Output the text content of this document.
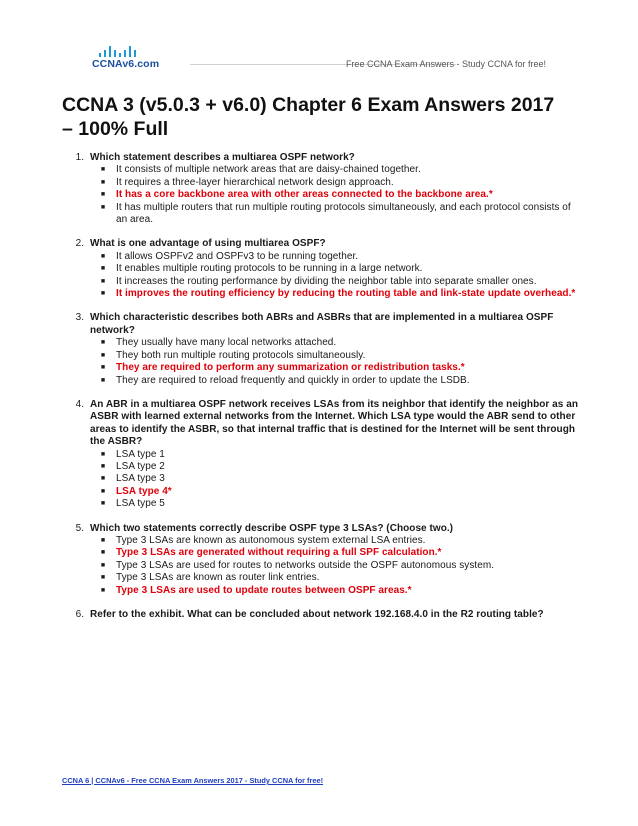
CCNAv6.com	Free CCNA Exam Answers - Study CCNA for free!
CCNA 3 (v5.0.3 + v6.0) Chapter 6 Exam Answers 2017 – 100% Full
1. Which statement describes a multiarea OSPF network?
■	It consists of multiple network areas that are daisy-chained together.
■	It requires a three-layer hierarchical network design approach.
■	It has a core backbone area with other areas connected to the backbone area.*
■	It has multiple routers that run multiple routing protocols simultaneously, and each protocol consists of an area.
2. What is one advantage of using multiarea OSPF?
■	It allows OSPFv2 and OSPFv3 to be running together.
■	It enables multiple routing protocols to be running in a large network.
■	It increases the routing performance by dividing the neighbor table into separate smaller ones.
■	It improves the routing efficiency by reducing the routing table and link-state update overhead.*
3. Which characteristic describes both ABRs and ASBRs that are implemented in a multiarea OSPF network?
■	They usually have many local networks attached.
■	They both run multiple routing protocols simultaneously.
■	They are required to perform any summarization or redistribution tasks.*
■	They are required to reload frequently and quickly in order to update the LSDB.
4. An ABR in a multiarea OSPF network receives LSAs from its neighbor that identify the neighbor as an ASBR with learned external networks from the Internet. Which LSA type would the ABR send to other areas to identify the ASBR, so that internal traffic that is destined for the Internet will be sent through the ASBR?
■	LSA type 1
■	LSA type 2
■	LSA type 3
■	LSA type 4*
■	LSA type 5
5. Which two statements correctly describe OSPF type 3 LSAs? (Choose two.)
■	Type 3 LSAs are known as autonomous system external LSA entries.
■	Type 3 LSAs are generated without requiring a full SPF calculation.*
■	Type 3 LSAs are used for routes to networks outside the OSPF autonomous system.
■	Type 3 LSAs are known as router link entries.
■	Type 3 LSAs are used to update routes between OSPF areas.*
6. Refer to the exhibit. What can be concluded about network 192.168.4.0 in the R2 routing table?
CCNA 6 | CCNAv6 - Free CCNA Exam Answers 2017 - Study CCNA for free!
